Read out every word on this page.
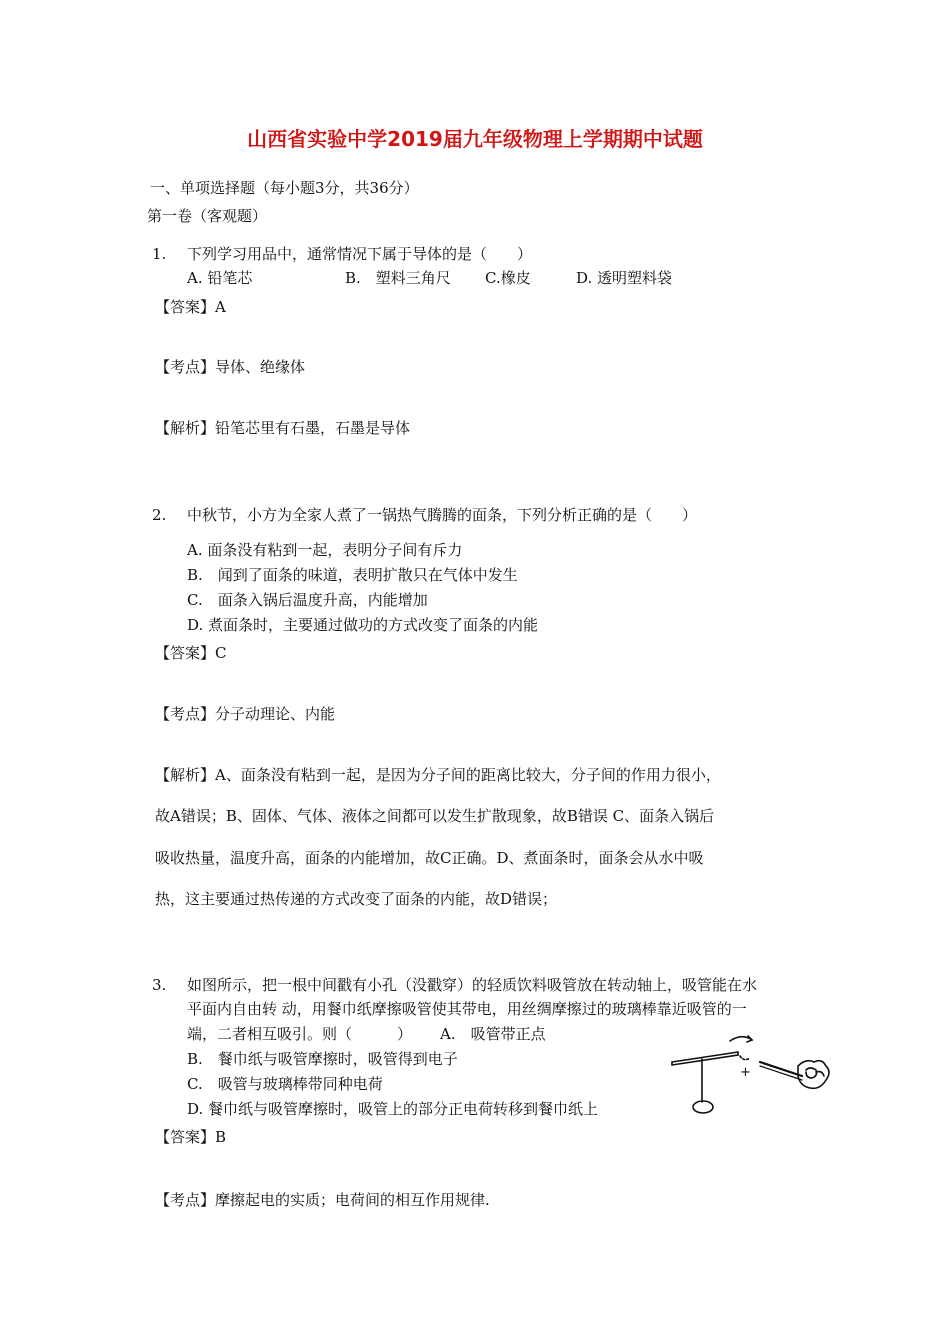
山西省实验中学2019届九年级物理上学期期中试题
一、单项选择题（每小题3分，共36分）
第一卷（客观题）
1. 下列学习用品中，通常情况下属于导体的是（　　）
A. 铅笔芯	B.　塑料三角尺 C.橡皮	D. 透明塑料袋
【答案】A
【考点】导体、绝缘体
【解析】铅笔芯里有石墨，石墨是导体
2. 中秋节，小方为全家人煮了一锅热气腾腾的面条，下列分析正确的是（　　）
A. 面条没有粘到一起，表明分子间有斥力
B.　闻到了面条的味道，表明扩散只在气体中发生
C.　面条入锅后温度升高，内能增加
D. 煮面条时，主要通过做功的方式改变了面条的内能
【答案】C
【考点】分子动理论、内能
【解析】A、面条没有粘到一起，是因为分子间的距离比较大，分子间的作用力很小，
故A错误；B、固体、气体、液体之间都可以发生扩散现象，故B错误 C、面条入锅后
吸收热量，温度升高，面条的内能增加，故C正确。D、煮面条时，面条会从水中吸
热，这主要通过热传递的方式改变了面条的内能，故D错误；
3. 如图所示，把一根中间戳有小孔（没戳穿）的轻质饮料吸管放在转动轴上，吸管能在水
平面内自由转 动，用餐巾纸摩擦吸管使其带电，用丝绸摩擦过的玻璃棒靠近吸管的一
端，二者相互吸引。则（　　　） A.　吸管带正点
B.　餐巾纸与吸管摩擦时，吸管得到电子
C.　吸管与玻璃棒带同种电荷
D. 餐巾纸与吸管摩擦时，吸管上的部分正电荷转移到餐巾纸上
【答案】B
【考点】摩擦起电的实质；电荷间的相互作用规律.
+
